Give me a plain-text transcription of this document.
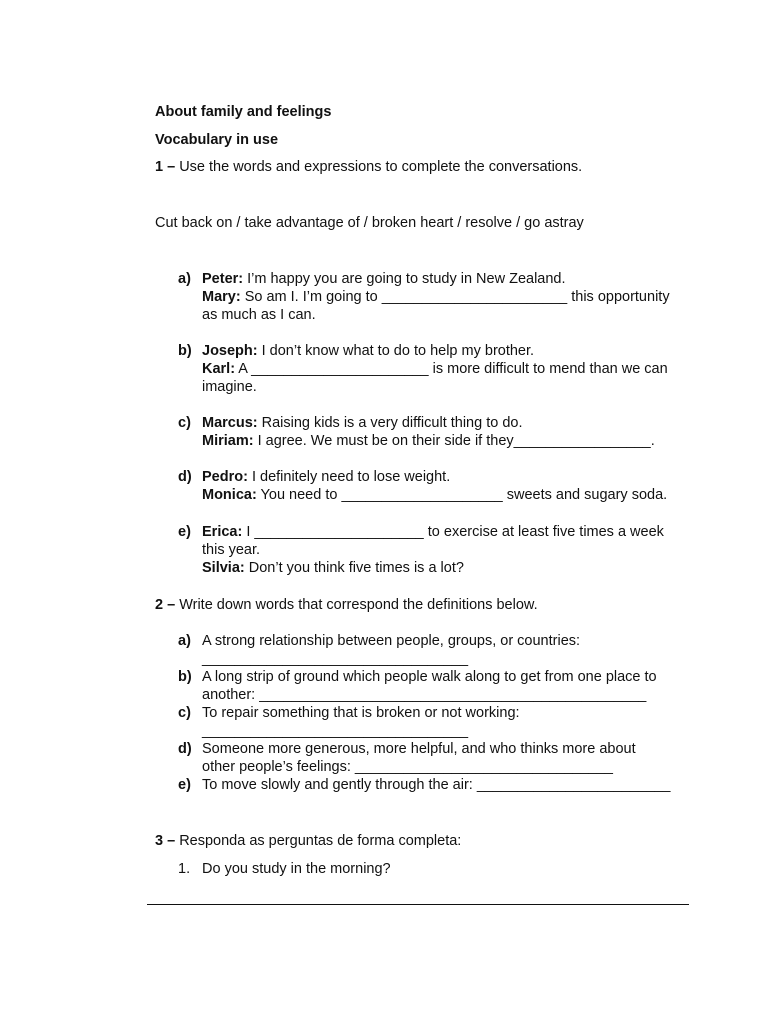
About family and feelings
Vocabulary in use
1 – Use the words and expressions to complete the conversations.
Cut back on / take advantage of / broken heart / resolve / go astray
a) Peter: I’m happy you are going to study in New Zealand.
Mary: So am I. I’m going to _______________________ this opportunity
as much as I can.
b) Joseph: I don’t know what to do to help my brother.
Karl: A ______________________ is more difficult to mend than we can
imagine.
c) Marcus: Raising kids is a very difficult thing to do.
Miriam: I agree. We must be on their side if they_________________.
d) Pedro: I definitely need to lose weight.
Monica: You need to ____________________ sweets and sugary soda.
e) Erica: I _____________________ to exercise at least five times a week
this year.
Silvia: Don’t you think five times is a lot?
2 – Write down words that correspond the definitions below.
a) A strong relationship between people, groups, or countries:
_________________________________
b) A long strip of ground which people walk along to get from one place to
another: ________________________________________________
c) To repair something that is broken or not working:
_________________________________
d) Someone more generous, more helpful, and who thinks more about
other people’s feelings: ________________________________
e) To move slowly and gently through the air: ________________________
3 – Responda as perguntas de forma completa:
1. Do you study in the morning?
